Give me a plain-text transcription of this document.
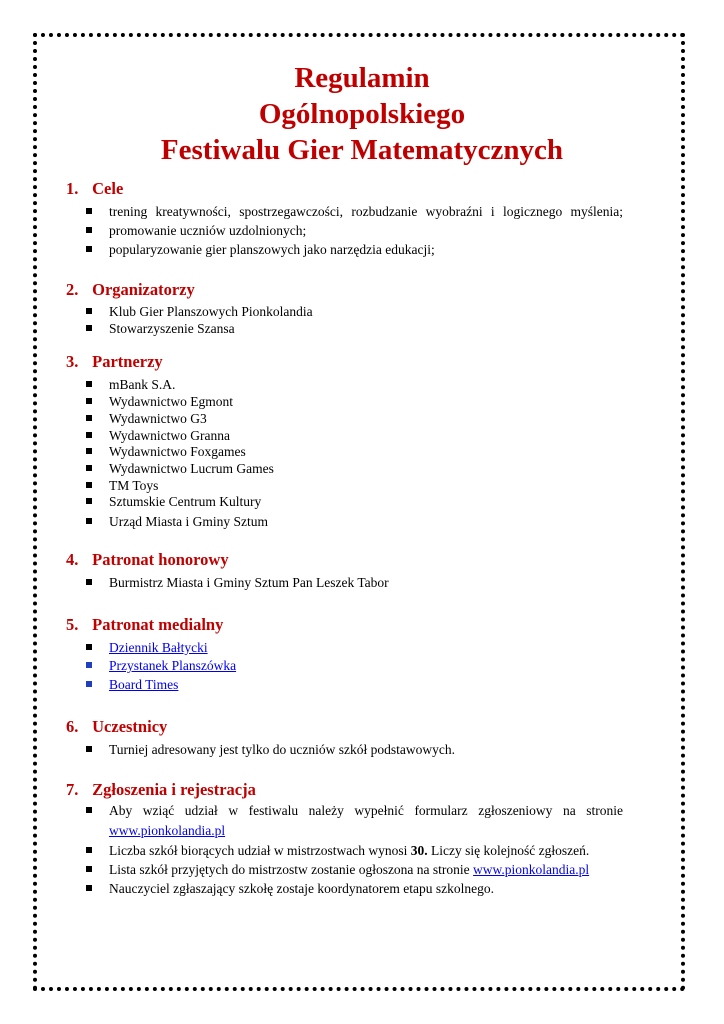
Regulamin
Ogólnopolskiego
Festiwalu Gier Matematycznych
1. Cele
trening kreatywności, spostrzegawczości, rozbudzanie wyobraźni i logicznego myślenia;
promowanie uczniów uzdolnionych;
popularyzowanie gier planszowych jako narzędzia edukacji;
2. Organizatorzy
Klub Gier Planszowych Pionkolandia
Stowarzyszenie Szansa
3. Partnerzy
mBank S.A.
Wydawnictwo Egmont
Wydawnictwo G3
Wydawnictwo Granna
Wydawnictwo Foxgames
Wydawnictwo Lucrum Games
TM Toys
Sztumskie Centrum Kultury
Urząd Miasta i Gminy Sztum
4. Patronat honorowy
Burmistrz Miasta i Gminy Sztum Pan Leszek Tabor
5. Patronat medialny
Dziennik Bałtycki
Przystanek Planszówka
Board Times
6. Uczestnicy
Turniej adresowany jest tylko do uczniów szkół podstawowych.
7. Zgłoszenia i rejestracja
Aby wziąć udział w festiwalu należy wypełnić formularz zgłoszeniowy na stronie
www.pionkolandia.pl
Liczba szkół biorących udział w mistrzostwach wynosi 30. Liczy się kolejność zgłoszeń.
Lista szkół przyjętych do mistrzostw zostanie ogłoszona na stronie www.pionkolandia.pl
Nauczyciel zgłaszający szkołę zostaje koordynatorem etapu szkolnego.
